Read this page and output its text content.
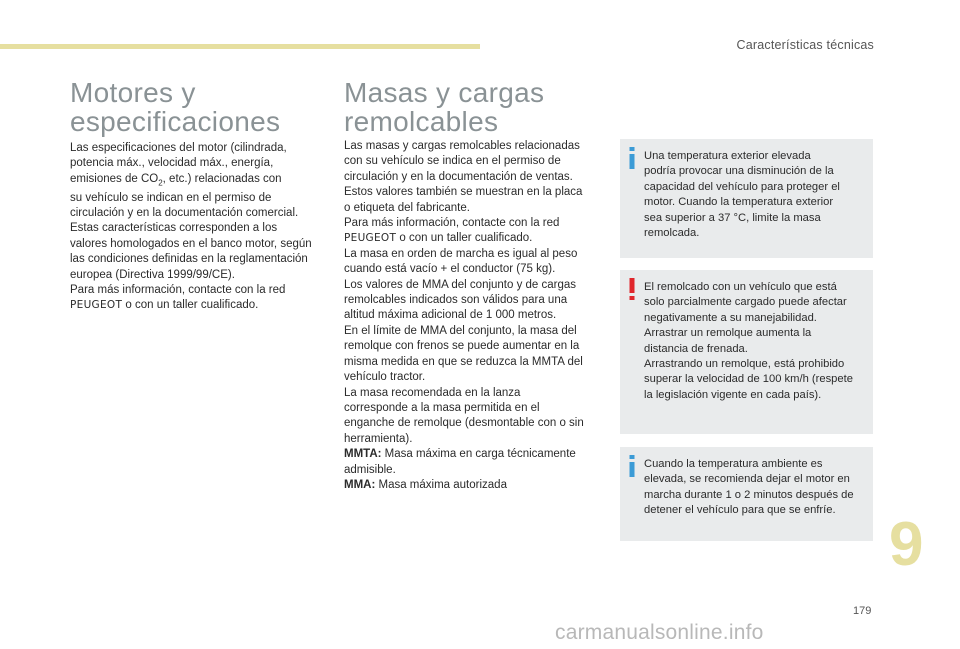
Características técnicas
Motores y
especificaciones

Las especificaciones del motor (cilindrada,

potencia máx., velocidad máx., energía,

emisiones de $CO_2$, etc.) relacionadas con

su vehículo se indican en el permiso de

circulación y en la documentación comercial.

Estas características corresponden a los

valores homologados en el banco motor, según

las condiciones definidas en la reglamentación

europea (Directiva 1999/99/CE).

Para más información, contacte con la red

PEUGEOT o con un taller cualificado.

Masas y cargas
remolcables

Las masas y cargas remolcables relacionadas

con su vehículo se indica en el permiso de

circulación y en la documentación de ventas.

Estos valores también se muestran en la placa

o etiqueta del fabricante.

Para más información, contacte con la red

PEUGEOT o con un taller cualificado.

La masa en orden de marcha es igual al peso

cuando está vacío + el conductor (75 kg).

Los valores de MMA del conjunto y de cargas

remolcables indicados son válidos para una

altitud máxima adicional de 1 000 metros.

En el límite de MMA del conjunto, la masa del

remolque con frenos se puede aumentar en la

misma medida en que se reduzca la MMTA del

vehículo tractor.

La masa recomendada en la lanza

corresponde a la masa permitida en el

enganche de remolque (desmontable con o sin

herramienta).

MMTA: Masa máxima en carga técnicamente

admisible.

MMA: Masa máxima autorizada

Una temperatura exterior elevada

podría provocar una disminución de la

capacidad del vehículo para proteger el

motor. Cuando la temperatura exterior

sea superior a 37 °C, limite la masa

remolcada.

El remolcado con un vehículo que está

solo parcialmente cargado puede afectar

negativamente a su manejabilidad.

Arrastrar un remolque aumenta la

distancia de frenada.

Arrastrando un remolque, está prohibido

superar la velocidad de 100 km/h (respete

la legislación vigente en cada país).

Cuando la temperatura ambiente es

elevada, se recomienda dejar el motor en

marcha durante 1 o 2 minutos después de

detener el vehículo para que se enfríe. 9
179
carmanualsonline.info
